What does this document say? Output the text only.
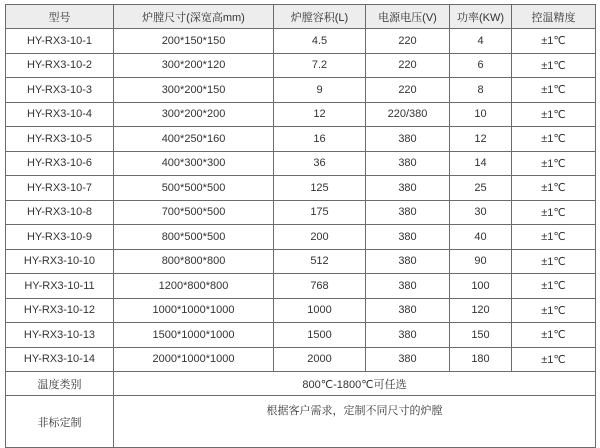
型号	炉膛尺寸(深宽高mm)	炉膛容积(L)	电源电压(V)	功率(KW)	控温精度
HY-RX3-10-1	200*150*150	4.5	220	4	±1℃
HY-RX3-10-2	300*200*120	7.2	220	6	±1℃
HY-RX3-10-3	300*200*150	9	220	8	±1℃
HY-RX3-10-4	300*200*200	12	220/380	10	±1℃
HY-RX3-10-5	400*250*160	16	380	12	±1℃
HY-RX3-10-6	400*300*300	36	380	14	±1℃
HY-RX3-10-7	500*500*500	125	380	25	±1℃
HY-RX3-10-8	700*500*500	175	380	30	±1℃
HY-RX3-10-9	800*500*500	200	380	40	±1℃
HY-RX3-10-10	800*800*800	512	380	90	±1℃
HY-RX3-10-11	1200*800*800	768	380	100	±1℃
HY-RX3-10-12	1000*1000*1000	1000	380	120	±1℃
HY-RX3-10-13	1500*1000*1000	1500	380	150	±1℃
HY-RX3-10-14	2000*1000*1000	2000	380	180	±1℃
温度类别	800℃-1800℃可任选				
非标定制	根据客户需求，定制不同尺寸的炉膛				
